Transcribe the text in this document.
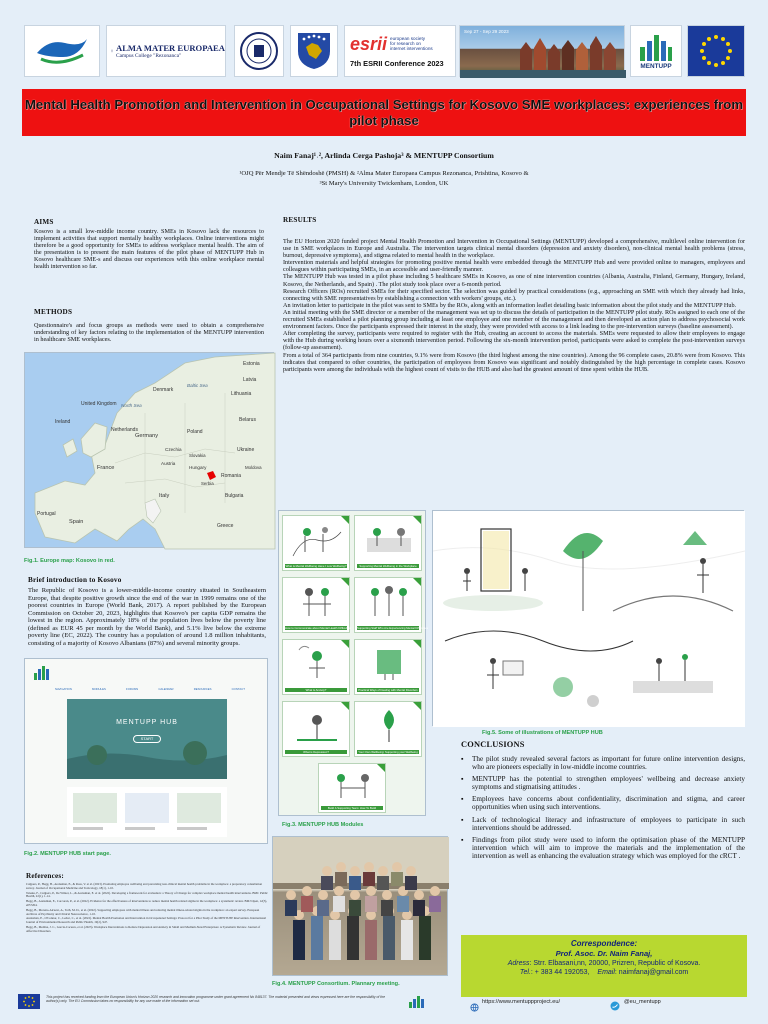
ALMA MATER EUROPAEA
Campus College "Rezonanca"
esrii european society
for research on
internet interventions
7th ESRII Conference 2023
Sep 27 - Sep 29 2023
MENTUPP
Mental Health Promotion and Intervention in Occupational Settings for Kosovo SME workplaces: experiences from pilot phase
Naim Fanaj¹˒², Arlinda Cerga Pashoja³ & MENTUPP Consortium
¹OJQ Për Mendje Të Shëndoshë (PMSH) & ²Alma Mater Europaea Campus Rezonanca, Prishtina, Kosovo &
³St Mary's University Twickenham, London, UK
AIMS
Kosovo is a small low-middle income country. SMEs in Kosovo lack the resources to implement activities that support mentally healthy workplaces. Online interventions might therefore be a good opportunity for SMEs to address workplace mental health. The aim of the presentation is to present the main features of the pilot phase of MENTUPP Hub in Kosovo healthcare SME-s and discuss our experiences with this online workplace mental health intervention so far.
METHODS
Questionnaire's and focus groups as methods were used to obtain a comprehensive understanding of key factors relating to the implementation of the MENTUPP intervention in healthcare SME workplaces.
Estonia
Latvia
Denmark
Lithuania
United Kingdom
Ireland
Netherlands
Belarus
Poland
Germany
Czechia	Ukraine
Slovakia
Moldova
Austria
Hungary
France
Romania
Serbia
Italy	Bulgaria
Portugal
Spain
Greece
North Sea
Baltic Sea
Fig.1. Europe map: Kosovo in red.
Brief introduction to Kosovo
The Republic of Kosovo is a lower-middle-income country situated in Southeastern Europe, that despite positive growth since the end of the war in 1999 remains one of the poorest countries in Europe (World Bank, 2017). A report published by the European Commission on October 20, 2023, highlights that Kosovo's per capita GDP remains the lowest in the region. Approximately 18% of the population lives below the poverty line (defined as EUR 45 per month by the World Bank), and 5.1% live below the extreme poverty line (EC, 2022). The country has a population of around 1.8 million inhabitants, consisting of a majority of Kosovo Albanians (87%) and several minority groups.
NAVIGATION	MODULES	FORUMS	CALENDAR	RESOURCES	CONTACT
MENTUPP HUB
START
Fig.2. MENTUPP HUB start page.
References:
Cuijpers, P., Hegg, B., Arensman, E., & Ross, V. et al. (2023). Promoting employee wellbeing and preventing non-clinical mental health problems in the workplace: a preparatory consultation survey. Journal of Occupational Medicine and Toxicology, 18(1), 1-10.
Tanaka, F., Cuijpers, P., De Winter, L., & Arensman, E. et al. (2022). Developing a framework for evaluation: a Theory of Change for complex workplace mental health interventions. BMC Public Health, 22(1), 1-14.
Hegg, B., Arensman, E., Corcoran, P., et al. (2022). Evidence for the effectiveness of interventions to reduce mental health related stigma in the workplace: a systematic review. BMJ Open, 12(3), e057264.
Hegg, B., Moreno-Alcazar, A., Toth, M. D., et al. (2022). Supporting employees with mental illness and reducing mental illness-related stigma in the workplace: an expert survey. European Archives of Psychiatry and Clinical Neuroscience, 1-10.
Arensman, E., O'Connor, C., Leduc, C., et al. (2022). Mental Health Promotion and Intervention in Occupational Settings: Protocol for a Pilot Study of the MENTUPP Intervention. International Journal of Environmental Research and Public Health, 19(2), 947.
Hegg, B., Medina, J. C., Garcia-Caceres, et al. (2023). Workplace Interventions to Reduce Depression and Anxiety in Small and Medium-Sized Enterprises: A Systematic Review. Journal of Affective Disorders.
RESULTS

The EU Horizon 2020 funded project Mental Health Promotion and Intervention in Occupational Settings (MENTUPP) developed a comprehensive, multilevel online intervention for use in SME workplaces in Europe and Australia. The intervention targets clinical mental disorders (depression and anxiety disorders), non-clinical mental health problems (stress, burnout, depressive symptoms), and stigma related to mental health in the workplace.

Intervention materials and helpful strategies for promoting positive mental health were embedded through the MENTUPP Hub and were provided online to managers, employees and colleagues within participating SMEs, in an accessible and user-friendly manner.

The MENTUPP Hub was tested in a pilot phase including 5 healthcare SMEs in Kosovo, as one of nine intervention countries (Albania, Australia, Finland, Germany, Hungary, Ireland, Kosovo, the Netherlands, and Spain) . The pilot study took place over a 6-month period.

Research Officers (ROs) recruited SMEs for their specified sector. The selection was guided by practical considerations (e.g., approaching an SME with which they already had links, connecting with SME representatives by establishing a connection with workers' groups, etc.).

An invitation letter to participate in the pilot was sent to SMEs by the ROs, along with an information leaflet detailing basic information about the pilot study and the MENTUPP Hub.

An initial meeting with the SME director or a member of the management was set up to discuss the details of participation in the MENTUPP pilot study. ROs assigned to each one of the recruited SMEs established a pilot planning group including at least one employee and one member of the management and then developed an action plan to address psychosocial work environment factors. Once the participants expressed their interest in the study, they were provided with access to a link leading to the pre-intervention surveys (baseline assessment).

After completing the survey, participants were required to register with the Hub, creating an account to access the materials. SMEs were requested to allow their employees to engage with the Hub during working hours over a sixmonth intervention period. Following the six-month intervention period, participants were asked to complete the post-intervention surveys (follow-up assessment).

From a total of 364 participants from nine countries, 9.1% were from Kosovo (the third highest among the nine countries). Among the 96 complete cases, 20.8% were from Kosovo. This indicates that compared to other countries, the participation of employees from Kosovo was significant and notably distinguished by the high percentage in complete cases. Kosovo participants were among the individuals with the highest count of visits to the HUB and also had the greatest amount of time spent within the HUB.

What is Mental Wellbeing Have I Low Wellbeing?	Supporting Mental Wellbeing in the Workplace
How to Communicate about Mental Health Difficulties Supporting Staff Who Are Experiencing Mental Difficulties
What is Anxiety?	Practical Ways of Dealing with Mental Disorders
What is Depression?	Your Own Wellbeing: Supporting your Wellbeing
Build A Supporting Team: How To Build
Fig.3. MENTUPP HUB Modules
Fig.5. Some of illustrations of MENTUPP HUB
CONCLUSIONS
▪ The pilot study revealed several factors as important for future online intervention designs, who are pioneers especially in low-middle income countries.
▪ MENTUPP has the potential to strengthen employees' wellbeing and decrease anxiety symptoms and stigmatising attitudes .
▪ Employees have concerns about confidentiality, discrimination and stigma, and career opportunities when using such interventions.
▪ Lack of technological literacy and infrastructure of employees to participate in such interventions should be addressed.
▪ Findings from pilot study were used to inform the optimisation phase of the MENTUPP intervention which will aim to improve the materials and the implementation of the intervention as well as enhancing the evaluation strategy which was employed for the cRCT .
Fig.4. MENTUPP Consortium. Plannary meeting.
Correspondence:
Prof. Asoc. Dr. Naim Fanaj,
Adress: Strr. Elbasani,nn, 20000, Prizren, Republic of Kosova.
Tel.: + 383 44 192053, Email: naimfanaj@gmail.com
This project has received funding from the European Union's Horizon 2020 research and innovation programme under grant agreement No 848137. The material presented and views expressed here are the responsibility of the author(s) only. The EU Commission takes no responsibility for any use made of the information set out.	https://www.mentuppproject.eu/	@eu_mentupp
